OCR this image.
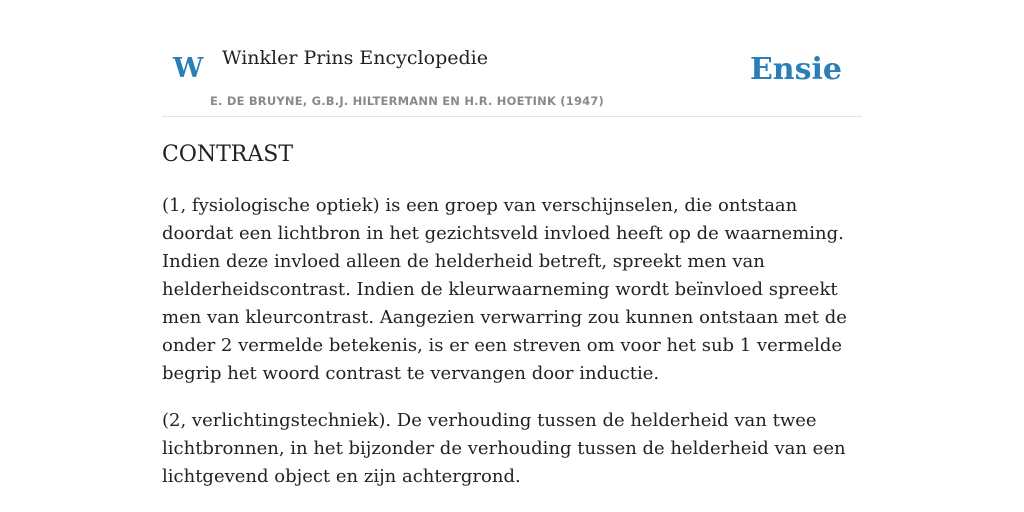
W Winkler Prins Encyclopedie
E. DE BRUYNE, G.B.J. HILTERMANN EN H.R. HOETINK (1947)
Ensie
CONTRAST

(1, fysiologische optiek) is een groep van verschijnselen, die ontstaan doordat een lichtbron in het gezichtsveld invloed heeft op de waarneming. Indien deze invloed alleen de helderheid betreft, spreekt men van helderheidscontrast. Indien de kleurwaarneming wordt beïnvloed spreekt men van kleurcontrast. Aangezien verwarring zou kunnen ontstaan met de onder 2 vermelde betekenis, is er een streven om voor het sub 1 vermelde begrip het woord contrast te vervangen door inductie.

(2, verlichtingstechniek). De verhouding tussen de helderheid van twee lichtbronnen, in het bijzonder de verhouding tussen de helderheid van een lichtgevend object en zijn achtergrond.
